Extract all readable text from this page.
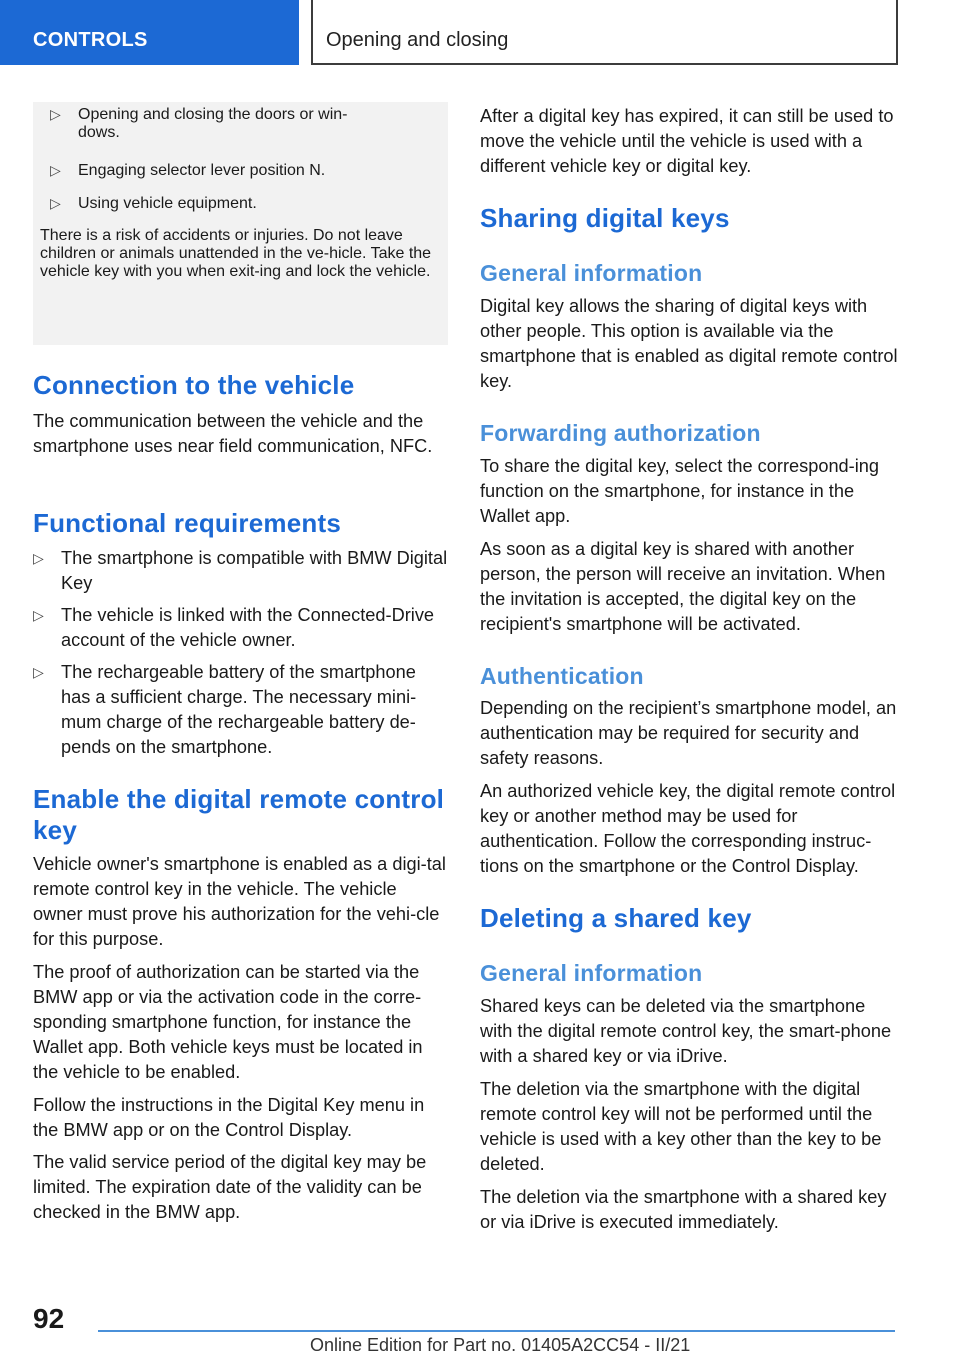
CONTROLS	Opening and closing
▷ Opening and closing the doors or win-
dows.

▷ Engaging selector lever position N.

▷ Using vehicle equipment.

There is a risk of accidents or injuries. Do not leave children or animals unattended in the ve-hicle. Take the vehicle key with you when exit-ing and lock the vehicle.

Connection to the vehicle

The communication between the vehicle and the smartphone uses near field communication, NFC.

Functional requirements
▷ The smartphone is compatible with BMW Digital Key

▷ The vehicle is linked with the Connected-Drive account of the vehicle owner.

▷ The rechargeable battery of the smartphone has a sufficient charge. The necessary mini-mum charge of the rechargeable battery de-pends on the smartphone.

Enable the digital remote control key

Vehicle owner's smartphone is enabled as a digi-tal remote control key in the vehicle. The vehicle owner must prove his authorization for the vehi-cle for this purpose.

The proof of authorization can be started via the BMW app or via the activation code in the corre-sponding smartphone function, for instance the Wallet app. Both vehicle keys must be located in the vehicle to be enabled.

Follow the instructions in the Digital Key menu in the BMW app or on the Control Display.

The valid service period of the digital key may be limited. The expiration date of the validity can be checked in the BMW app.

After a digital key has expired, it can still be used to move the vehicle until the vehicle is used with a different vehicle key or digital key.

Sharing digital keys
General information

Digital key allows the sharing of digital keys with other people. This option is available via the smartphone that is enabled as digital remote control key.

Forwarding authorization

To share the digital key, select the correspond-ing function on the smartphone, for instance in the Wallet app.

As soon as a digital key is shared with another person, the person will receive an invitation. When the invitation is accepted, the digital key on the recipient's smartphone will be activated.

Authentication

Depending on the recipient’s smartphone model, an authentication may be required for security and safety reasons.

An authorized vehicle key, the digital remote control key or another method may be used for authentication. Follow the corresponding instruc-tions on the smartphone or the Control Display.

Deleting a shared key
General information

Shared keys can be deleted via the smartphone with the digital remote control key, the smart-phone with a shared key or via iDrive.

The deletion via the smartphone with the digital remote control key will not be performed until the vehicle is used with a key other than the key to be deleted.

The deletion via the smartphone with a shared key or via iDrive is executed immediately.

92
Online Edition for Part no. 01405A2CC54 - II/21
